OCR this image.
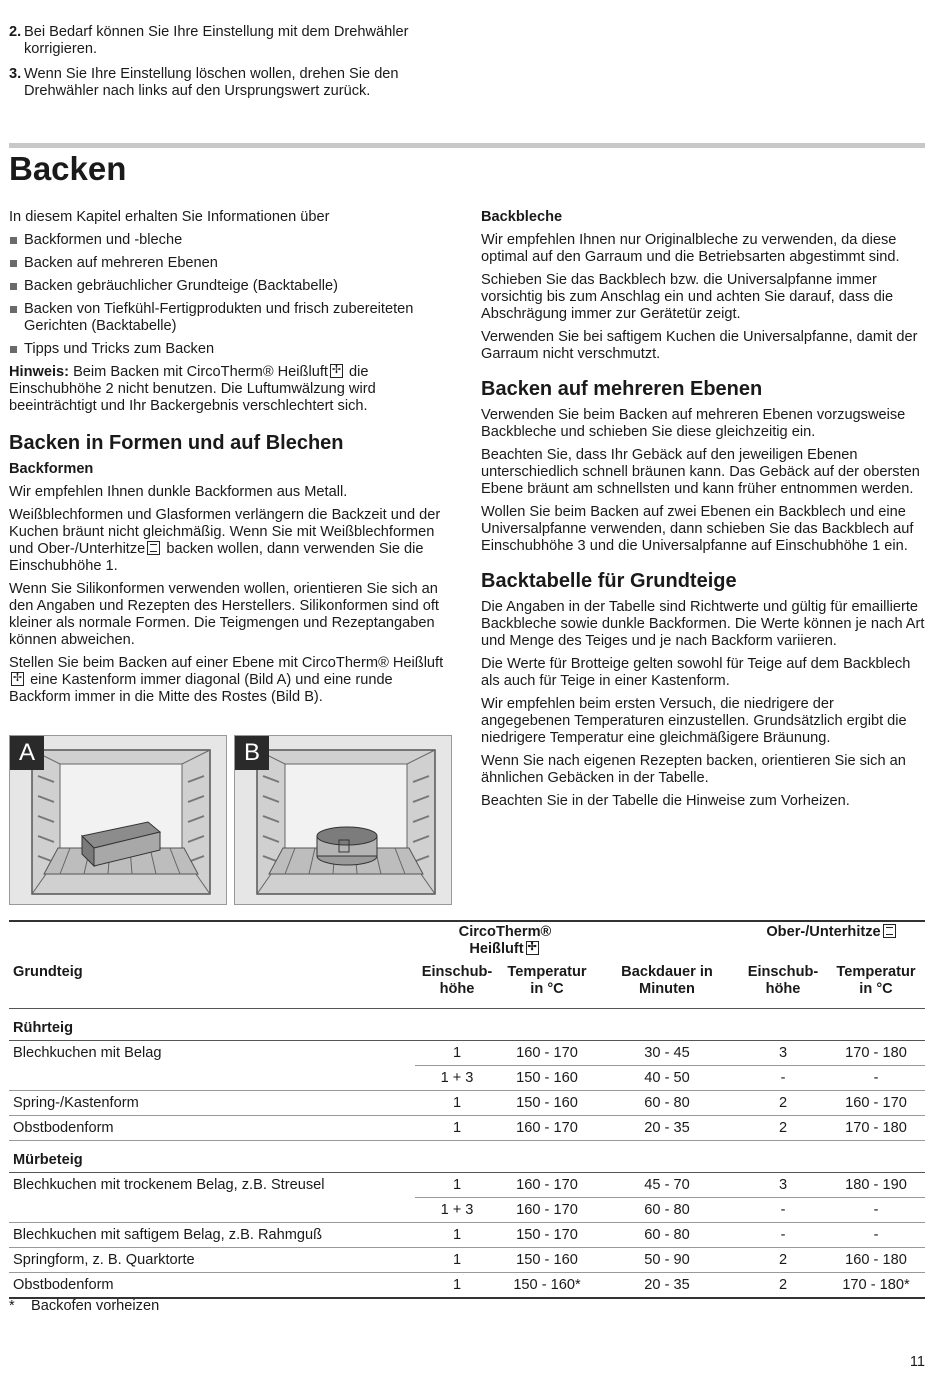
2. Bei Bedarf können Sie Ihre Einstellung mit dem Drehwähler korrigieren.
3. Wenn Sie Ihre Einstellung löschen wollen, drehen Sie den Drehwähler nach links auf den Ursprungswert zurück.
Backen

In diesem Kapitel erhalten Sie Informationen über

Backformen und -bleche
Backen auf mehreren Ebenen
Backen gebräuchlicher Grundteige (Backtabelle)
Backen von Tiefkühl-Fertigprodukten und frisch zubereiteten Gerichten (Backtabelle)
Tipps und Tricks zum Backen

Hinweis: Beim Backen mit CircoTherm® Heißluft ✢ die Einschubhöhe 2 nicht benutzen. Die Luftumwälzung wird beeinträchtigt und Ihr Backergebnis verschlechtert sich.

Backen in Formen und auf Blechen
Backformen

Wir empfehlen Ihnen dunkle Backformen aus Metall.

Weißblechformen und Glasformen verlängern die Backzeit und der Kuchen bräunt nicht gleichmäßig. Wenn Sie mit Weißblechformen und Ober-/Unterhitze backen wollen, dann verwenden Sie die Einschubhöhe 1.

Wenn Sie Silikonformen verwenden wollen, orientieren Sie sich an den Angaben und Rezepten des Herstellers. Silikonformen sind oft kleiner als normale Formen. Die Teigmengen und Rezeptangaben können abweichen.

Stellen Sie beim Backen auf einer Ebene mit CircoTherm® Heißluft✢ eine Kastenform immer diagonal (Bild A) und eine runde Backform immer in die Mitte des Rostes (Bild B).

A	B
Backbleche

Wir empfehlen Ihnen nur Originalbleche zu verwenden, da diese optimal auf den Garraum und die Betriebsarten abgestimmt sind.

Schieben Sie das Backblech bzw. die Universalpfanne immer vorsichtig bis zum Anschlag ein und achten Sie darauf, dass die Abschrägung immer zur Gerätetür zeigt.

Verwenden Sie bei saftigem Kuchen die Universalpfanne, damit der Garraum nicht verschmutzt.

Backen auf mehreren Ebenen

Verwenden Sie beim Backen auf mehreren Ebenen vorzugsweise Backbleche und schieben Sie diese gleichzeitig ein.

Beachten Sie, dass Ihr Gebäck auf den jeweiligen Ebenen unterschiedlich schnell bräunen kann. Das Gebäck auf der obersten Ebene bräunt am schnellsten und kann früher entnommen werden.

Wollen Sie beim Backen auf zwei Ebenen ein Backblech und eine Universalpfanne verwenden, dann schieben Sie das Backblech auf Einschubhöhe 3 und die Universalpfanne auf Einschubhöhe 1 ein.

Backtabelle für Grundteige

Die Angaben in der Tabelle sind Richtwerte und gültig für emaillierte Backbleche sowie dunkle Backformen. Die Werte können je nach Art und Menge des Teiges und je nach Backform variieren.

Die Werte für Brotteige gelten sowohl für Teige auf dem Backblech als auch für Teige in einer Kastenform.

Wir empfehlen beim ersten Versuch, die niedrigere der angegebenen Temperaturen einzustellen. Grundsätzlich ergibt die niedrigere Temperatur eine gleichmäßigere Bräunung.

Wenn Sie nach eigenen Rezepten backen, orientieren Sie sich an ähnlichen Gebäcken in der Tabelle.

Beachten Sie in der Tabelle die Hinweise zum Vorheizen.

	CircoTherm®
Heißluft✢			Ober-/Unterhitze	
Grundteig	Einschub-
höhe	Temperatur
in °C	Backdauer in
Minuten	Einschub-
höhe	Temperatur
in °C
Rührteig					
Blechkuchen mit Belag	1	160 - 170	30 - 45	3	170 - 180
	1 + 3	150 - 160	40 - 50	-	-
Spring-/Kastenform	1	150 - 160	60 - 80	2	160 - 170
Obstbodenform	1	160 - 170	20 - 35	2	170 - 180
Mürbeteig					
Blechkuchen mit trockenem Belag, z.B. Streusel	1	160 - 170	45 - 70	3	180 - 190
	1 + 3	160 - 170	60 - 80	-	-
Blechkuchen mit saftigem Belag, z.B. Rahmguß	1	150 - 170	60 - 80	-	-
Springform, z. B. Quarktorte	1	150 - 160	50 - 90	2	160 - 180
Obstbodenform	1	150 - 160*	20 - 35	2	170 - 180*
* Backofen vorheizen
11
